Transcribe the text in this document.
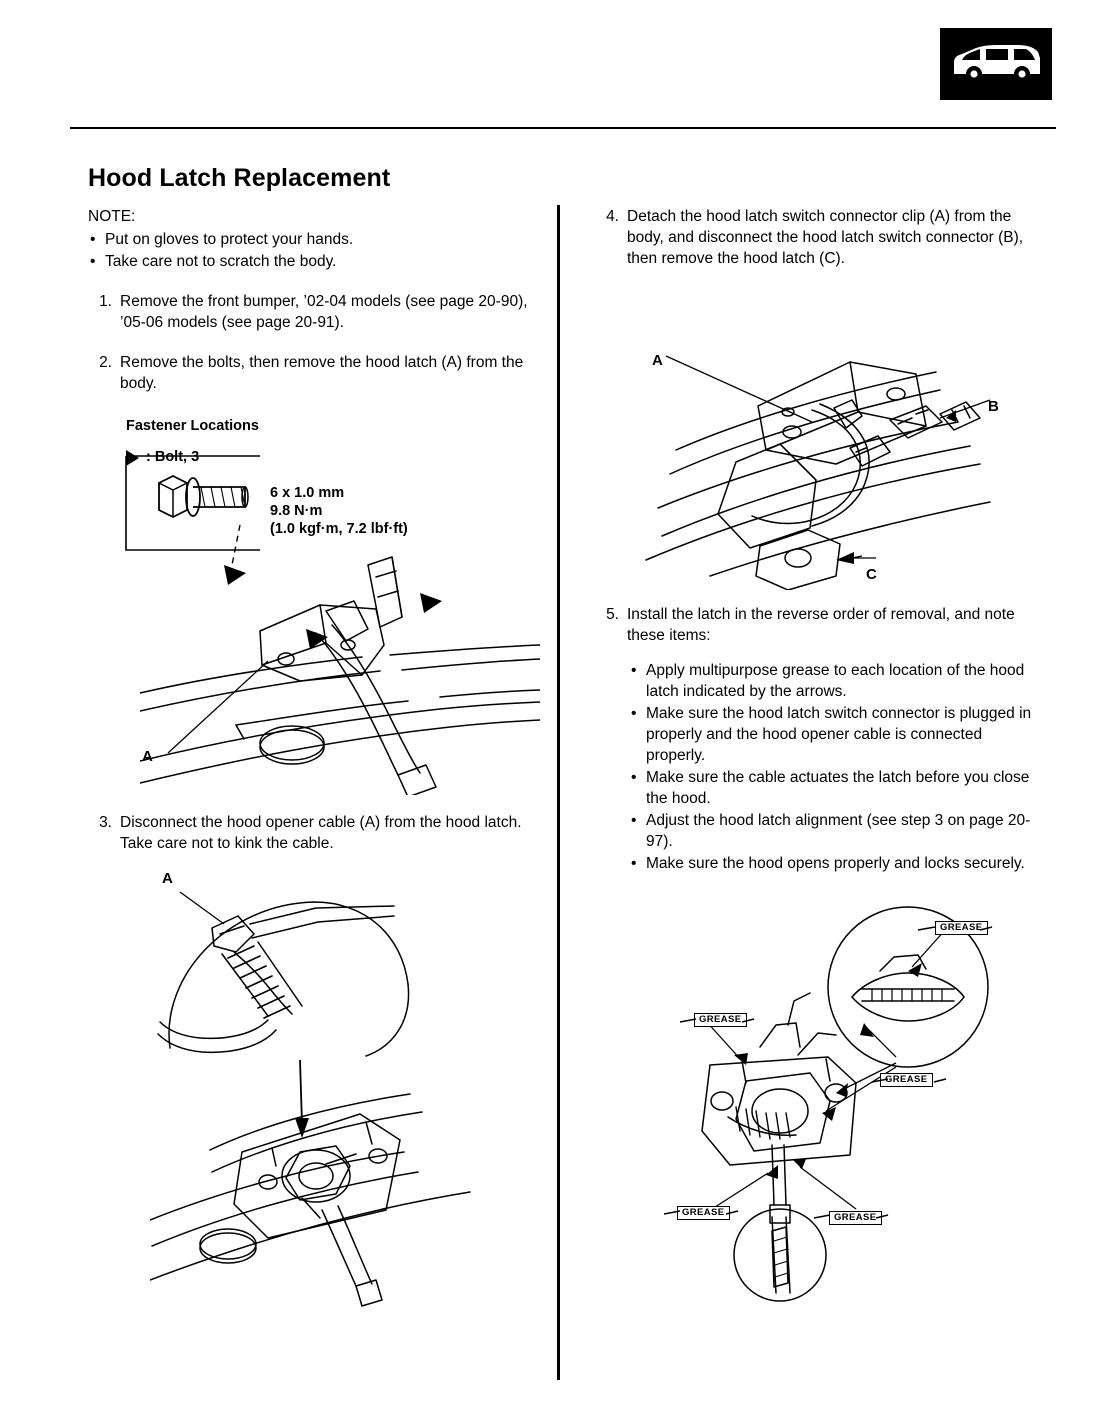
Hood Latch Replacement
NOTE:
• Put on gloves to protect your hands.
• Take care not to scratch the body.
1. Remove the front bumper, ’02-04 models (see page 20-90), ’05-06 models (see page 20-91).
2. Remove the bolts, then remove the hood latch (A) from the body.
Fastener Locations
: Bolt, 3
6 x 1.0 mm
9.8 N·m
(1.0 kgf·m, 7.2 lbf·ft)
A
3. Disconnect the hood opener cable (A) from the hood latch. Take care not to kink the cable.
A
4. Detach the hood latch switch connector clip (A) from the body, and disconnect the hood latch switch connector (B), then remove the hood latch (C).
A
B
C
5. Install the latch in the reverse order of removal, and note these items:
• Apply multipurpose grease to each location of the hood latch indicated by the arrows.
• Make sure the hood latch switch connector is plugged in properly and the hood opener cable is connected properly.
• Make sure the cable actuates the latch before you close the hood.
• Adjust the hood latch alignment (see step 3 on page 20-97).
• Make sure the hood opens properly and locks securely.
GREASE
GREASE
GREASE
GREASE	GREASE
